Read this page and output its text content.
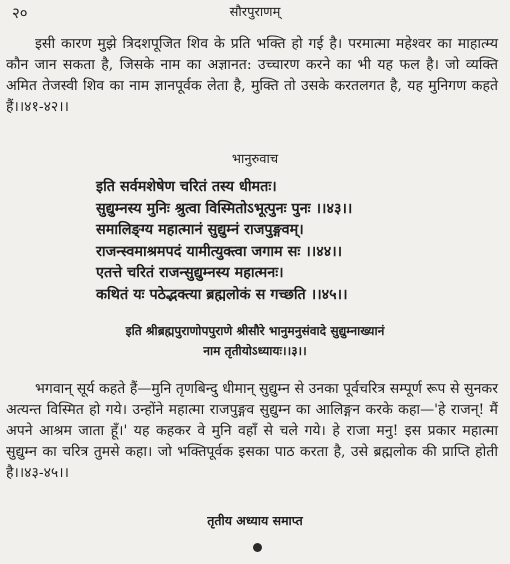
२०	सौरपुराणम्

इसी कारण मुझे त्रिदशपूजित शिव के प्रति भक्ति हो गई है। परमात्मा महेश्वर का माहात्म्य कौन जान सकता है, जिसके नाम का अज्ञानत: उच्चारण करने का भी यह फल है। जो व्यक्ति अमित तेजस्वी शिव का नाम ज्ञानपूर्वक लेता है, मुक्ति तो उसके करतलगत है, यह मुनिगण कहते हैं।।४१-४२।।

भानुरुवाच
इति सर्वमशेषेण चरितं तस्य धीमतः।
सुद्युम्नस्य मुनिः श्रुत्वा विस्मितोऽभूत्पुनः पुनः ।।४३।।
समालिङ्ग्य महात्मानं सुद्युम्नं राजपुङ्गवम्।
राजन्स्वमाश्रमपदं यामीत्युक्त्वा जगाम सः ।।४४।।
एतत्ते चरितं राजन्सुद्युम्नस्य महात्मनः।
कथितं यः पठेद्भक्त्या ब्रह्मलोकं स गच्छति ।।४५।।
इति श्रीब्रह्मपुराणोपपुराणे श्रीसौरे भानुमनुसंवादे सुद्युम्नाख्यानं
नाम तृतीयोऽध्यायः।।३।।

भगवान् सूर्य कहते हैं—मुनि तृणबिन्दु धीमान् सुद्युम्न से उनका पूर्वचरित्र सम्पूर्ण रूप से सुनकर अत्यन्त विस्मित हो गये। उन्होंने महात्मा राजपुङ्गव सुद्युम्न का आलिङ्गन करके कहा—'हे राजन्! मैं अपने आश्रम जाता हूँ।' यह कहकर वे मुनि वहाँ से चले गये। हे राजा मनु! इस प्रकार महात्मा सुद्युम्न का चरित्र तुमसे कहा। जो भक्तिपूर्वक इसका पाठ करता है, उसे ब्रह्मलोक की प्राप्ति होती है।।४३-४५।।

तृतीय अध्याय समाप्त
